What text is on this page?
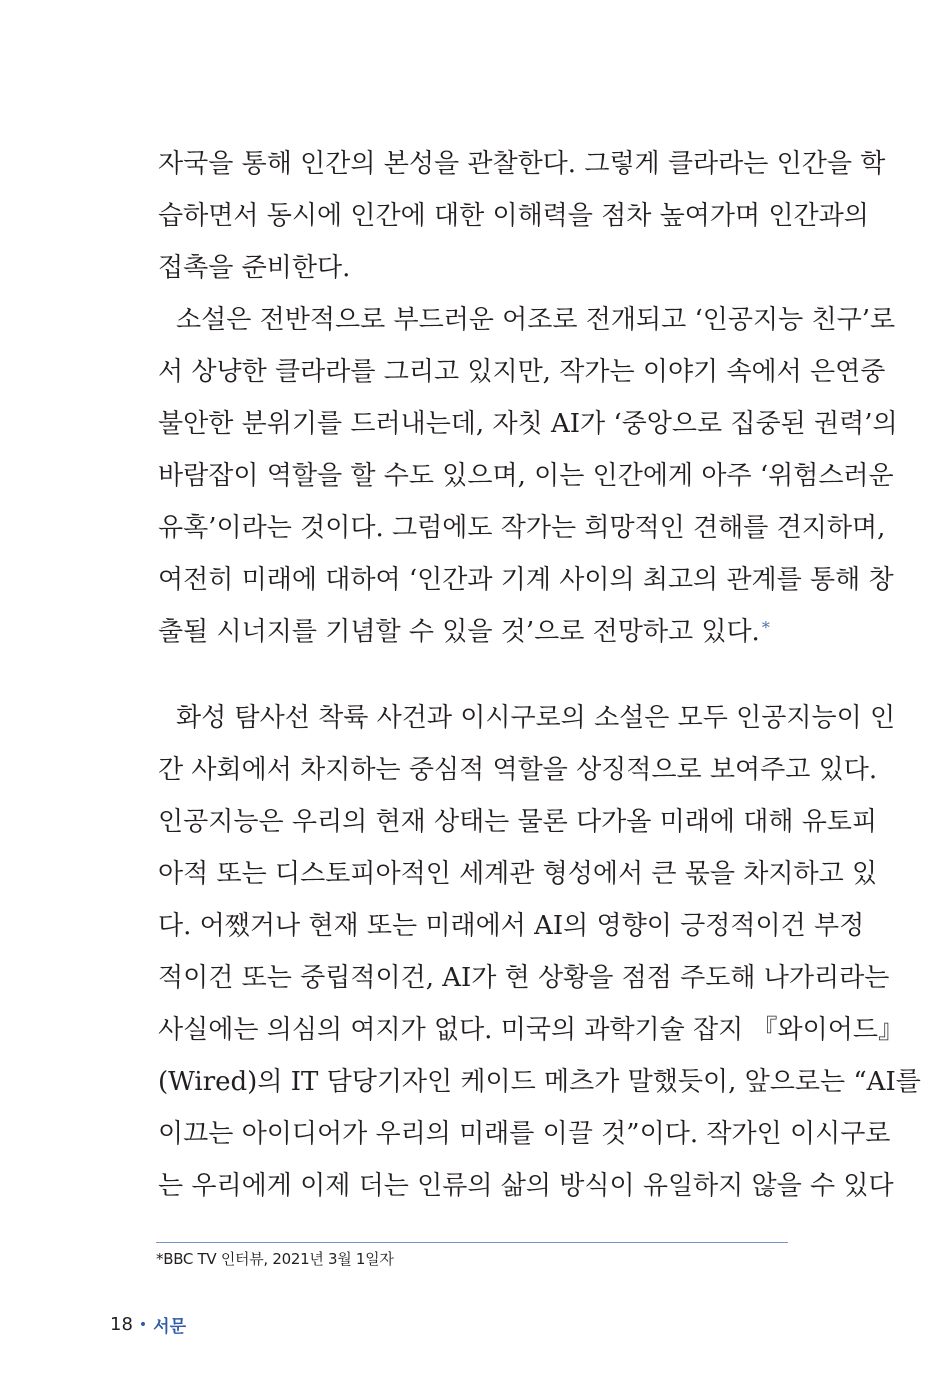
자국을 통해 인간의 본성을 관찰한다. 그렇게 클라라는 인간을 학
습하면서 동시에 인간에 대한 이해력을 점차 높여가며 인간과의
접촉을 준비한다.
소설은 전반적으로 부드러운 어조로 전개되고 ‘인공지능 친구’로
서 상냥한 클라라를 그리고 있지만, 작가는 이야기 속에서 은연중
불안한 분위기를 드러내는데, 자칫 AI가 ‘중앙으로 집중된 권력’의
바람잡이 역할을 할 수도 있으며, 이는 인간에게 아주 ‘위험스러운
유혹’이라는 것이다. 그럼에도 작가는 희망적인 견해를 견지하며,
여전히 미래에 대하여 ‘인간과 기계 사이의 최고의 관계를 통해 창
출될 시너지를 기념할 수 있을 것’으로 전망하고 있다. *
화성 탐사선 착륙 사건과 이시구로의 소설은 모두 인공지능이 인
간 사회에서 차지하는 중심적 역할을 상징적으로 보여주고 있다.
인공지능은 우리의 현재 상태는 물론 다가올 미래에 대해 유토피
아적 또는 디스토피아적인 세계관 형성에서 큰 몫을 차지하고 있
다. 어쨌거나 현재 또는 미래에서 AI의 영향이 긍정적이건 부정
적이건 또는 중립적이건, AI가 현 상황을 점점 주도해 나가리라는
사실에는 의심의 여지가 없다. 미국의 과학기술 잡지 『와이어드』
(Wired)의 IT 담당기자인 케이드 메츠가 말했듯이, 앞으로는 “AI를
이끄는 아이디어가 우리의 미래를 이끌 것”이다. 작가인 이시구로
는 우리에게 이제 더는 인류의 삶의 방식이 유일하지 않을 수 있다
*BBC TV 인터뷰, 2021년 3월 1일자
18 • 서문
